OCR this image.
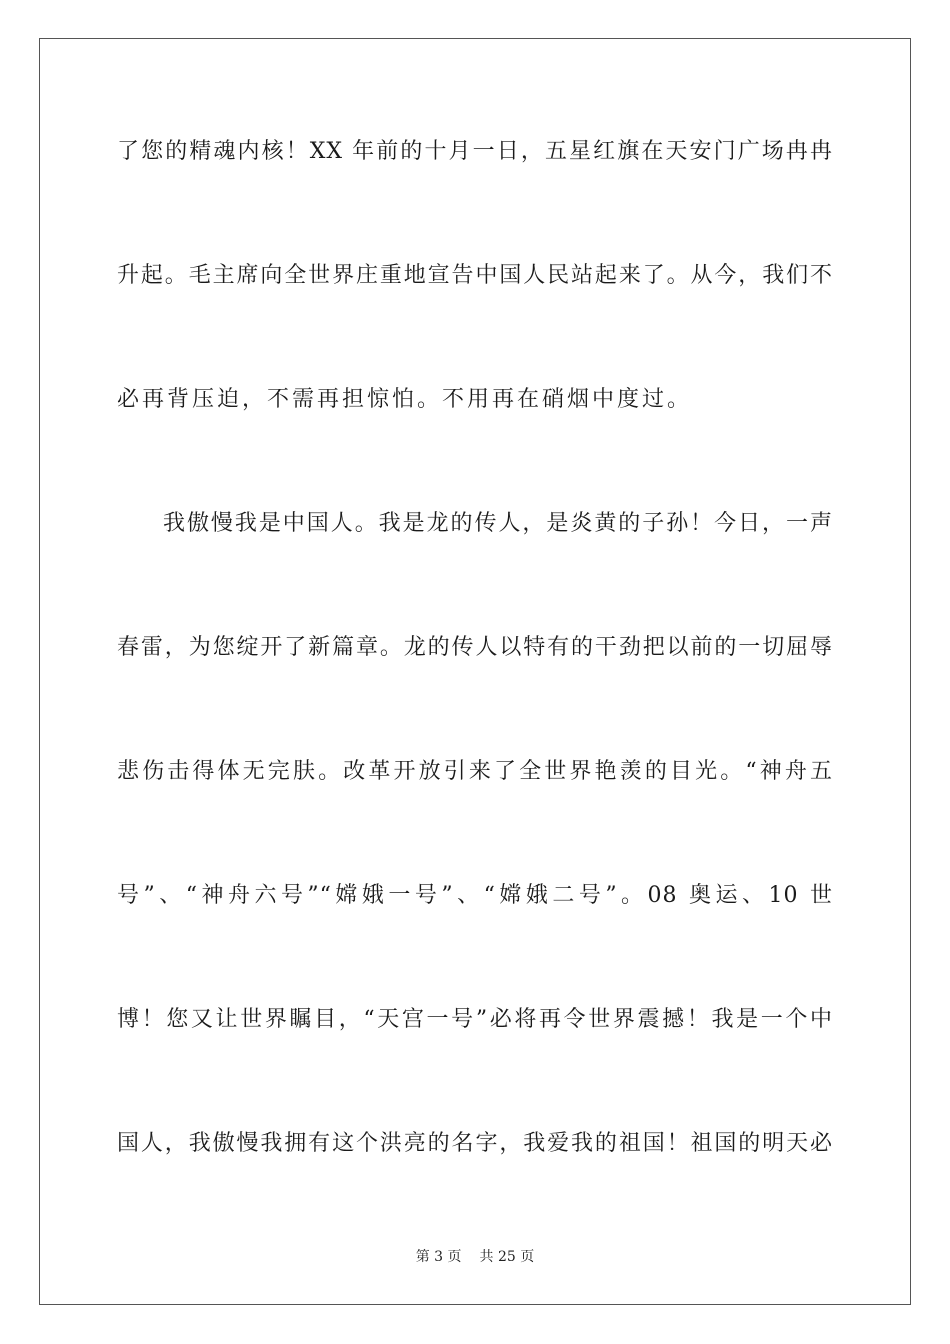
了您的精魂内核！XX 年前的十月一日，五星红旗在天安门广场冉冉
升起。毛主席向全世界庄重地宣告中国人民站起来了。从今，我们不
必再背压迫，不需再担惊怕。不用再在硝烟中度过。
我傲慢我是中国人。我是龙的传人，是炎黄的子孙！今日，一声
春雷，为您绽开了新篇章。龙的传人以特有的干劲把以前的一切屈辱
悲伤击得体无完肤。改革开放引来了全世界艳羡的目光。“神舟五
号”、“神舟六号”“嫦娥一号”、“嫦娥二号”。08 奥运、10 世
博！您又让世界瞩目，“天宫一号”必将再令世界震撼！我是一个中
国人，我傲慢我拥有这个洪亮的名字，我爱我的祖国！祖国的明天必
第 3 页 共 25 页
